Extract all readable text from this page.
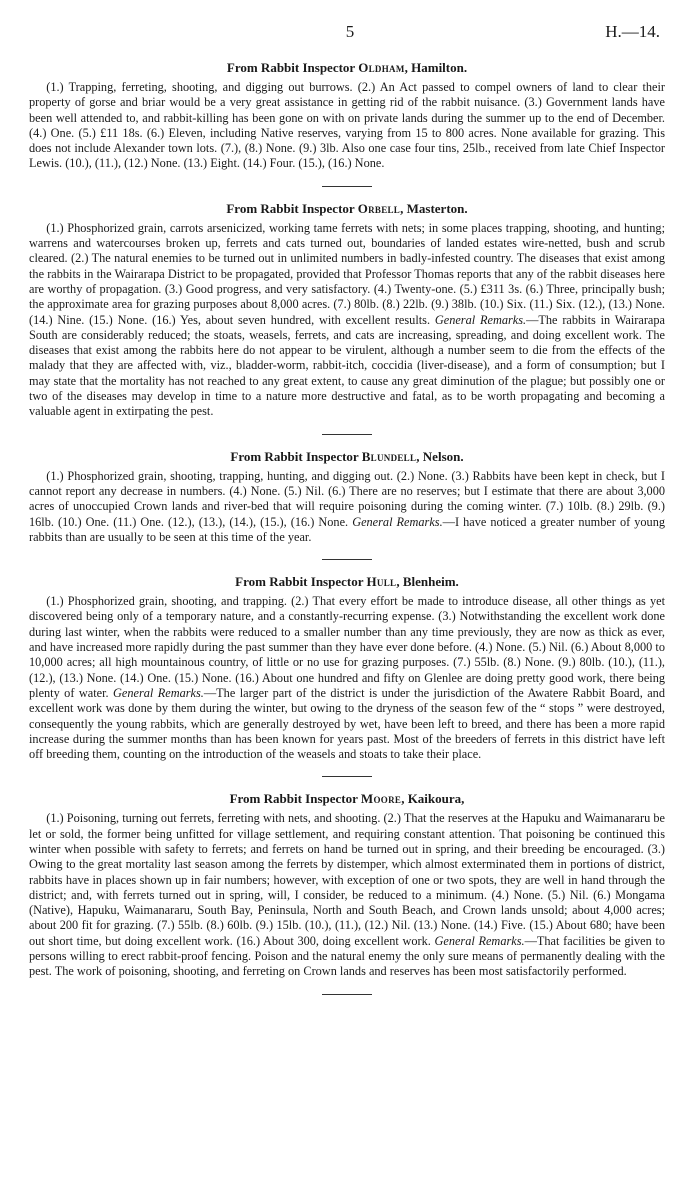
5	H.—14.

From Rabbit Inspector Oldham, Hamilton.

(1.) Trapping, ferreting, shooting, and digging out burrows. (2.) An Act passed to compel owners of land to clear their property of gorse and briar would be a very great assistance in getting rid of the rabbit nuisance. (3.) Government lands have been well attended to, and rabbit-killing has been gone on with on private lands during the summer up to the end of December. (4.) One. (5.) £11 18s. (6.) Eleven, including Native reserves, varying from 15 to 800 acres. None available for grazing. This does not include Alexander town lots. (7.), (8.) None. (9.) 3lb. Also one case four tins, 25lb., received from late Chief Inspector Lewis. (10.), (11.), (12.) None. (13.) Eight. (14.) Four. (15.), (16.) None.

From Rabbit Inspector Orbell, Masterton.

(1.) Phosphorized grain, carrots arsenicized, working tame ferrets with nets; in some places trapping, shooting, and hunting; warrens and watercourses broken up, ferrets and cats turned out, boundaries of landed estates wire-netted, bush and scrub cleared. (2.) The natural enemies to be turned out in unlimited numbers in badly-infested country. The diseases that exist among the rabbits in the Wairarapa District to be propagated, provided that Professor Thomas reports that any of the rabbit diseases here are worthy of propagation. (3.) Good progress, and very satisfactory. (4.) Twenty-one. (5.) £311 3s. (6.) Three, principally bush; the approximate area for grazing purposes about 8,000 acres. (7.) 80lb. (8.) 22lb. (9.) 38lb. (10.) Six. (11.) Six. (12.), (13.) None. (14.) Nine. (15.) None. (16.) Yes, about seven hundred, with excellent results. General Remarks.—The rabbits in Wairarapa South are considerably reduced; the stoats, weasels, ferrets, and cats are increasing, spreading, and doing excellent work. The diseases that exist among the rabbits here do not appear to be virulent, although a number seem to die from the effects of the malady that they are affected with, viz., bladder-worm, rabbit-itch, coccidia (liver-disease), and a form of consumption; but I may state that the mortality has not reached to any great extent, to cause any great diminution of the plague; but possibly one or two of the diseases may develop in time to a nature more destructive and fatal, as to be worth propagating and becoming a valuable agent in extirpating the pest.

From Rabbit Inspector Blundell, Nelson.

(1.) Phosphorized grain, shooting, trapping, hunting, and digging out. (2.) None. (3.) Rabbits have been kept in check, but I cannot report any decrease in numbers. (4.) None. (5.) Nil. (6.) There are no reserves; but I estimate that there are about 3,000 acres of unoccupied Crown lands and river-bed that will require poisoning during the coming winter. (7.) 10lb. (8.) 29lb. (9.) 16lb. (10.) One. (11.) One. (12.), (13.), (14.), (15.), (16.) None. General Remarks.—I have noticed a greater number of young rabbits than are usually to be seen at this time of the year.

From Rabbit Inspector Hull, Blenheim.

(1.) Phosphorized grain, shooting, and trapping. (2.) That every effort be made to introduce disease, all other things as yet discovered being only of a temporary nature, and a constantly-recurring expense. (3.) Notwithstanding the excellent work done during last winter, when the rabbits were reduced to a smaller number than any time previously, they are now as thick as ever, and have increased more rapidly during the past summer than they have ever done before. (4.) None. (5.) Nil. (6.) About 8,000 to 10,000 acres; all high mountainous country, of little or no use for grazing purposes. (7.) 55lb. (8.) None. (9.) 80lb. (10.), (11.), (12.), (13.) None. (14.) One. (15.) None. (16.) About one hundred and fifty on Glenlee are doing pretty good work, there being plenty of water. General Remarks.—The larger part of the district is under the jurisdiction of the Awatere Rabbit Board, and excellent work was done by them during the winter, but owing to the dryness of the season few of the “ stops ” were destroyed, consequently the young rabbits, which are generally destroyed by wet, have been left to breed, and there has been a more rapid increase during the summer months than has been known for years past. Most of the breeders of ferrets in this district have left off breeding them, counting on the introduction of the weasels and stoats to take their place.

From Rabbit Inspector Moore, Kaikoura,

(1.) Poisoning, turning out ferrets, ferreting with nets, and shooting. (2.) That the reserves at the Hapuku and Waimanararu be let or sold, the former being unfitted for village settlement, and requiring constant attention. That poisoning be continued this winter when possible with safety to ferrets; and ferrets on hand be turned out in spring, and their breeding be encouraged. (3.) Owing to the great mortality last season among the ferrets by distemper, which almost exterminated them in portions of district, rabbits have in places shown up in fair numbers; however, with exception of one or two spots, they are well in hand through the district; and, with ferrets turned out in spring, will, I consider, be reduced to a minimum. (4.) None. (5.) Nil. (6.) Mongama (Native), Hapuku, Waimanararu, South Bay, Peninsula, North and South Beach, and Crown lands unsold; about 4,000 acres; about 200 fit for grazing. (7.) 55lb. (8.) 60lb. (9.) 15lb. (10.), (11.), (12.) Nil. (13.) None. (14.) Five. (15.) About 680; have been out short time, but doing excellent work. (16.) About 300, doing excellent work. General Remarks.—That facilities be given to persons willing to erect rabbit-proof fencing. Poison and the natural enemy the only sure means of permanently dealing with the pest. The work of poisoning, shooting, and ferreting on Crown lands and reserves has been most satisfactorily performed.
